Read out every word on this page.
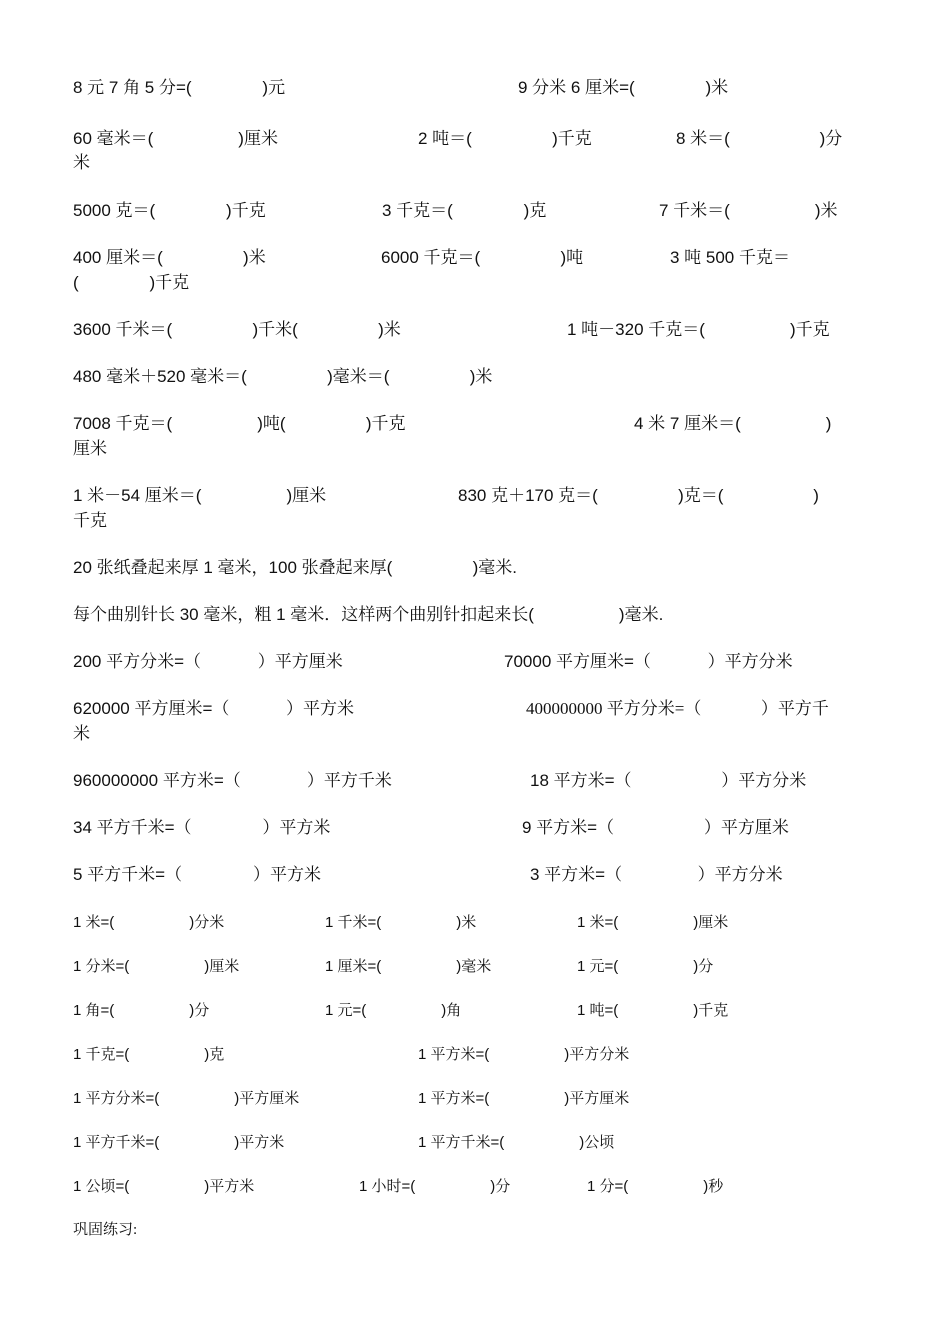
8 元 7 角 5 分=(               )元	9 分米 6 厘米=(               )米
60 毫米＝(                  )厘米	2 吨＝(                 )千克	8 米＝(                   )分
米
5000 克＝(               )千克	3 千克＝(               )克	7 千米＝(                  )米
400 厘米＝(                 )米	6000 千克＝(                 )吨	3 吨 500 千克＝
(               )千克
3600 千米＝(                 )千米(                 )米	1 吨－320 千克＝(                  )千克
480 毫米＋520 毫米＝(                 )毫米＝(                 )米
7008 千克＝(                  )吨(                 )千克	4 米 7 厘米＝(                  )
厘米
1 米－54 厘米＝(                  )厘米	830 克＋170 克＝(                 )克＝(                   )
千克
20 张纸叠起来厚 1 毫米，100 张叠起来厚(                 )毫米.
每个曲别针长 30 毫米，粗 1 毫米．这样两个曲别针扣起来长(                  )毫米.
200 平方分米=（            ）平方厘米	70000 平方厘米=（            ）平方分米
620000 平方厘米=（            ）平方米	400000000 平方分米=（              ）平方千
米
960000000 平方米=（              ）平方千米	18 平方米=（                   ）平方分米
34 平方千米=（               ）平方米	9 平方米=（                   ）平方厘米
5 平方千米=（               ）平方米	3 平方米=（                ）平方分米
1 米=(                  )分米	1 千米=(                  )米	1 米=(                  )厘米
1 分米=(                  )厘米	1 厘米=(                  )毫米	1 元=(                  )分
1 角=(                  )分	1 元=(                  )角	1 吨=(                  )千克
1 千克=(                  )克	1 平方米=(                  )平方分米
1 平方分米=(                  )平方厘米	1 平方米=(                  )平方厘米
1 平方千米=(                  )平方米	1 平方千米=(                  )公顷
1 公顷=(                  )平方米	1 小时=(                  )分	1 分=(                  )秒
巩固练习:
